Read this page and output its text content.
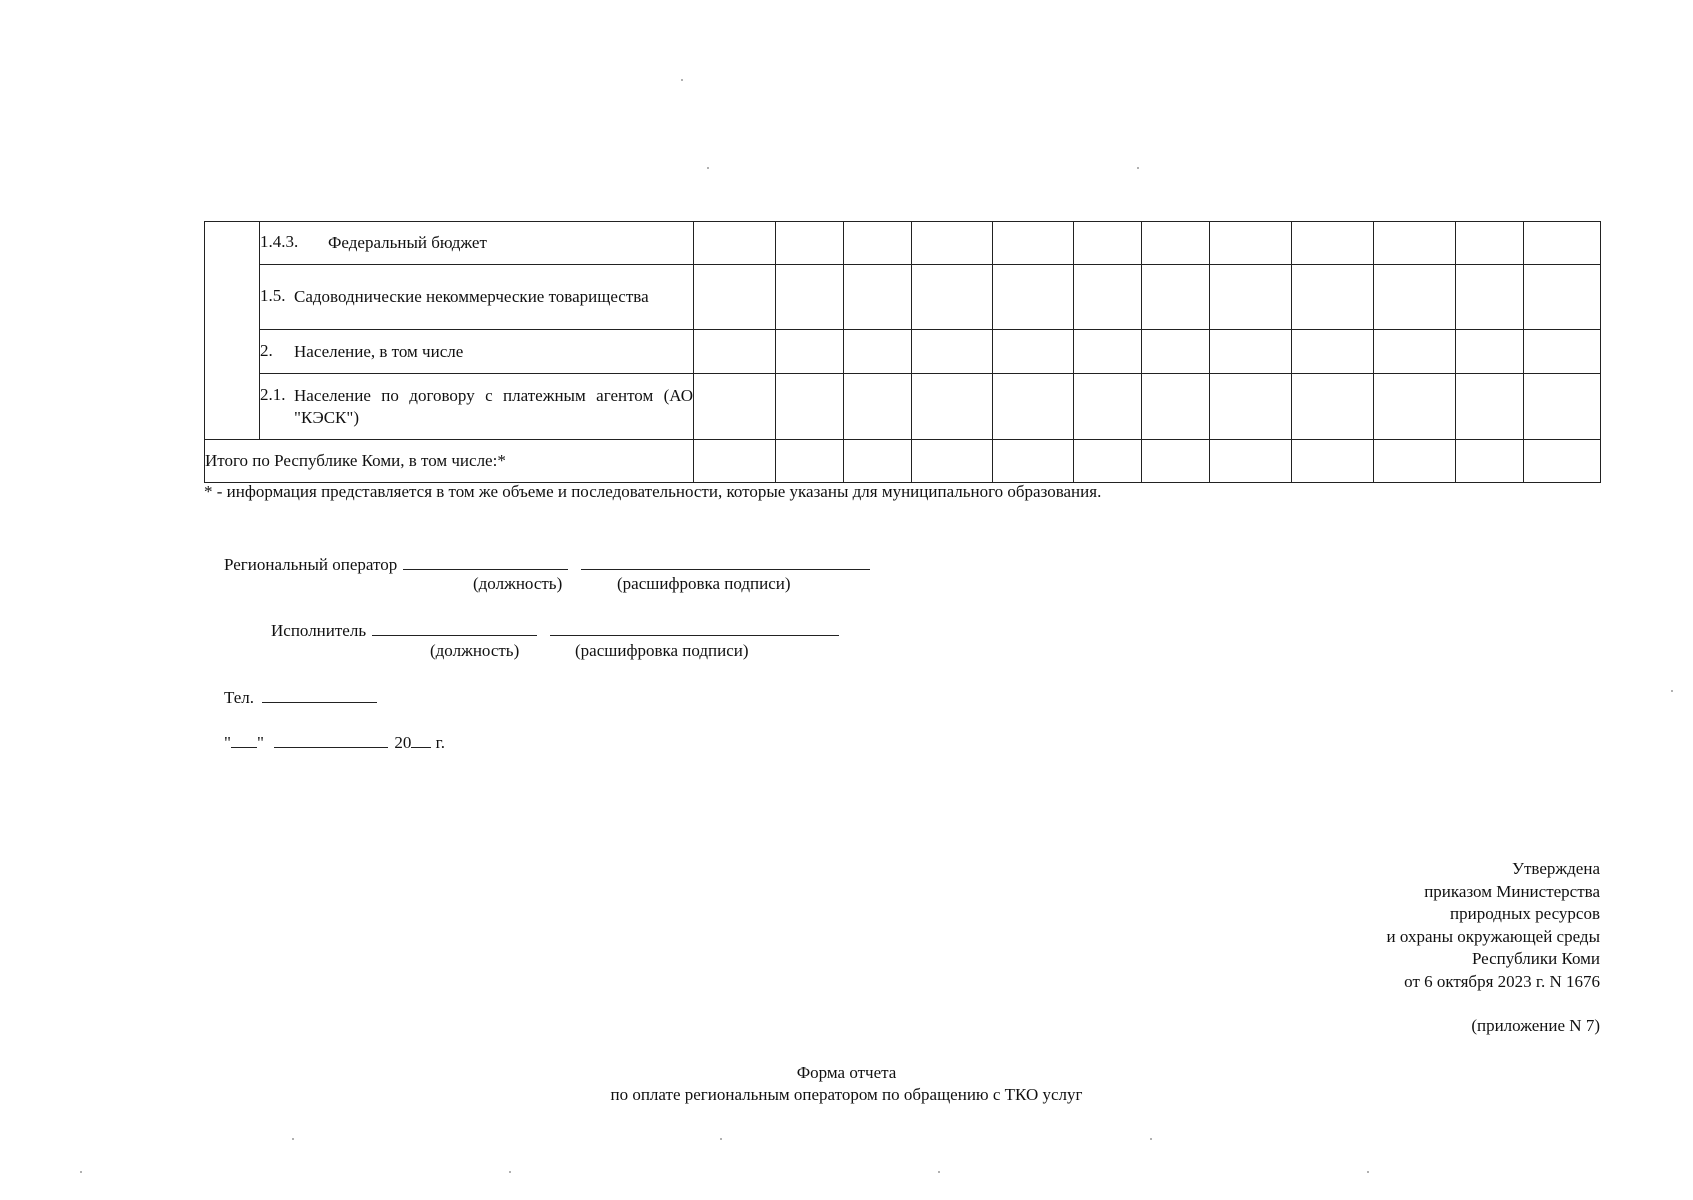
	1.4.3. Федеральный бюджет												

	1.5. Садоводнические некоммерческие товарищества												

	2. Население, в том числе												

	2.1. Население по договору с платежным агентом (АО "КЭСК")												

Итого по Республике Коми, в том числе:*													
* - информация представляется в том же объеме и последовательности, которые указаны для муниципального образования.
Региональный оператор
(должность)	(расшифровка подписи)
Исполнитель
(должность)	(расшифровка подписи)
Тел.
" "	20 г.
Утверждена
приказом Министерства
природных ресурсов
и охраны окружающей среды
Республики Коми
от 6 октября 2023 г. N 1676
(приложение N 7)
Форма отчета
по оплате региональным оператором по обращению с ТКО услуг
